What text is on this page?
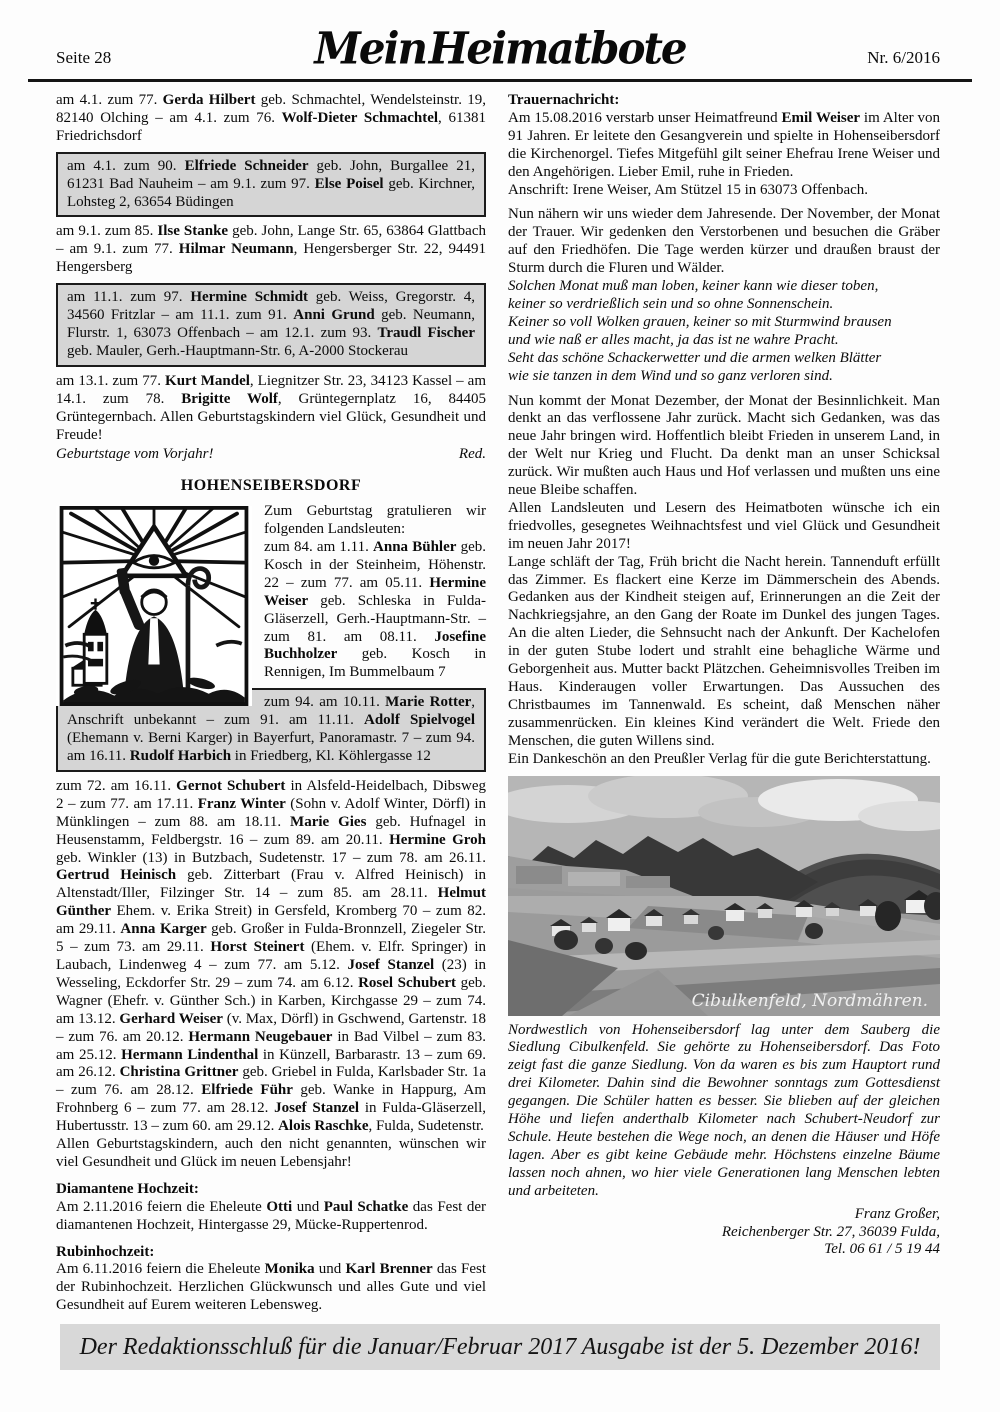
Seite 28	Mein Heimatbote	Nr. 6/2016

am 4.1. zum 77. Gerda Hilbert geb. Schmachtel, Wendelsteinstr. 19, 82140 Olching – am 4.1. zum 76. Wolf-Dieter Schmachtel, 61381 Friedrichsdorf

am 4.1. zum 90. Elfriede Schneider geb. John, Burgallee 21, 61231 Bad Nauheim – am 9.1. zum 97. Else Poisel geb. Kirchner, Lohsteg 2, 63654 Büdingen

am 9.1. zum 85. Ilse Stanke geb. John, Lange Str. 65, 63864 Glattbach – am 9.1. zum 77. Hilmar Neumann, Hengersberger Str. 22, 94491 Hengersberg

am 11.1. zum 97. Hermine Schmidt geb. Weiss, Gregorstr. 4, 34560 Fritzlar – am 11.1. zum 91. Anni Grund geb. Neumann, Flurstr. 1, 63073 Offenbach – am 12.1. zum 93. Traudl Fischer geb. Mauler, Gerh.-Hauptmann-Str. 6, A-2000 Stockerau

am 13.1. zum 77. Kurt Mandel, Liegnitzer Str. 23, 34123 Kassel – am 14.1. zum 78. Brigitte Wolf, Grüntegernplatz 16, 84405 Grüntegernbach. Allen Geburtstagskindern viel Glück, Gesundheit und Freude!

Geburtstage vom Vorjahr!	Red.
HOHENSEIBERSDORF

Zum Geburtstag gratulieren wir folgenden Landsleuten:

zum 84. am 1.11. Anna Bühler geb. Kosch in der Steinheim, Höhenstr. 22 – zum 77. am 05.11. Hermine Weiser geb. Schleska in Fulda-Gläserzell, Gerh.-Hauptmann-Str. – zum 81. am 08.11. Josefine Buchholzer geb. Kosch in Rennigen, Im Bummelbaum 7

zum 94. am 10.11. Marie Rotter, Anschrift unbekannt – zum 91. am 11.11. Adolf Spielvogel (Ehemann v. Berni Karger) in Bayerfurt, Panoramastr. 7 – zum 94. am 16.11. Rudolf Harbich in Friedberg, Kl. Köhlergasse 12

zum 72. am 16.11. Gernot Schubert in Alsfeld-Heidelbach, Dibsweg 2 – zum 77. am 17.11. Franz Winter (Sohn v. Adolf Winter, Dörfl) in Münklingen – zum 88. am 18.11. Marie Gies geb. Hufnagel in Heusenstamm, Feldbergstr. 16 – zum 89. am 20.11. Hermine Groh geb. Winkler (13) in Butzbach, Sudetenstr. 17 – zum 78. am 26.11. Gertrud Heinisch geb. Zitterbart (Frau v. Alfred Heinisch) in Altenstadt/Iller, Filzinger Str. 14 – zum 85. am 28.11. Helmut Günther Ehem. v. Erika Streit) in Gersfeld, Kromberg 70 – zum 82. am 29.11. Anna Karger geb. Großer in Fulda-Bronnzell, Ziegeler Str. 5 – zum 73. am 29.11. Horst Steinert (Ehem. v. Elfr. Springer) in Laubach, Lindenweg 4 – zum 77. am 5.12. Josef Stanzel (23) in Wesseling, Eckdorfer Str. 29 – zum 74. am 6.12. Rosel Schubert geb. Wagner (Ehefr. v. Günther Sch.) in Karben, Kirchgasse 29 – zum 74. am 13.12. Gerhard Weiser (v. Max, Dörfl) in Gschwend, Gartenstr. 18 – zum 76. am 20.12. Hermann Neugebauer in Bad Vilbel – zum 83. am 25.12. Hermann Lindenthal in Künzell, Barbarastr. 13 – zum 69. am 26.12. Christina Grittner geb. Griebel in Fulda, Karlsbader Str. 1a – zum 76. am 28.12. Elfriede Führ geb. Wanke in Happurg, Am Frohnberg 6 – zum 77. am 28.12. Josef Stanzel in Fulda-Gläserzell, Hubertusstr. 13 – zum 60. am 29.12. Alois Raschke, Fulda, Sudetenstr.

Allen Geburtstagskindern, auch den nicht genannten, wünschen wir viel Gesundheit und Glück im neuen Lebensjahr!

Diamantene Hochzeit:

Am 2.11.2016 feiern die Eheleute Otti und Paul Schatke das Fest der diamantenen Hochzeit, Hintergasse 29, Mücke-Ruppertenrod.

Rubinhochzeit:

Am 6.11.2016 feiern die Eheleute Monika und Karl Brenner das Fest der Rubinhochzeit. Herzlichen Glückwunsch und alles Gute und viel Gesundheit auf Eurem weiteren Lebensweg.

Trauernachricht:

Am 15.08.2016 verstarb unser Heimatfreund Emil Weiser im Alter von 91 Jahren. Er leitete den Gesangverein und spielte in Hohenseibersdorf die Kirchenorgel. Tiefes Mitgefühl gilt seiner Ehefrau Irene Weiser und den Angehörigen. Lieber Emil, ruhe in Frieden.

Anschrift: Irene Weiser, Am Stützel 15 in 63073 Offenbach.

Nun nähern wir uns wieder dem Jahresende. Der November, der Monat der Trauer. Wir gedenken den Verstorbenen und besuchen die Gräber auf den Friedhöfen. Die Tage werden kürzer und draußen braust der Sturm durch die Fluren und Wälder.

Solchen Monat muß man loben, keiner kann wie dieser toben,
keiner so verdrießlich sein und so ohne Sonnenschein.
Keiner so voll Wolken grauen, keiner so mit Sturmwind brausen
und wie naß er alles macht, ja das ist ne wahre Pracht.
Seht das schöne Schackerwetter und die armen welken Blätter
wie sie tanzen in dem Wind und so ganz verloren sind.

Nun kommt der Monat Dezember, der Monat der Besinnlichkeit. Man denkt an das verflossene Jahr zurück. Macht sich Gedanken, was das neue Jahr bringen wird. Hoffentlich bleibt Frieden in unserem Land, in der Welt nur Krieg und Flucht. Da denkt man an unser Schicksal zurück. Wir mußten auch Haus und Hof verlassen und mußten uns eine neue Bleibe schaffen.

Allen Landsleuten und Lesern des Heimatboten wünsche ich ein friedvolles, gesegnetes Weihnachtsfest und viel Glück und Gesundheit im neuen Jahr 2017!

Lange schläft der Tag, Früh bricht die Nacht herein. Tannenduft erfüllt das Zimmer. Es flackert eine Kerze im Dämmerschein des Abends. Gedanken aus der Kindheit steigen auf, Erinnerungen an die Zeit der Nachkriegsjahre, an den Gang der Roate im Dunkel des jungen Tages. An die alten Lieder, die Sehnsucht nach der Ankunft. Der Kachelofen in der guten Stube lodert und strahlt eine behagliche Wärme und Geborgenheit aus. Mutter backt Plätzchen. Geheimnisvolles Treiben im Haus. Kinderaugen voller Erwartungen. Das Aussuchen des Christbaumes im Tannenwald. Es scheint, daß Menschen näher zusammenrücken. Ein kleines Kind verändert die Welt. Friede den Menschen, die guten Willens sind.

Ein Dankeschön an den Preußler Verlag für die gute Berichterstattung.

Cibulkenfeld, Nordmähren.

Nordwestlich von Hohenseibersdorf lag unter dem Sauberg die Siedlung Cibulkenfeld. Sie gehörte zu Hohenseibersdorf. Das Foto zeigt fast die ganze Siedlung. Von da waren es bis zum Hauptort rund drei Kilometer. Dahin sind die Bewohner sonntags zum Gottesdienst gegangen. Die Schüler hatten es besser. Sie blieben auf der gleichen Höhe und liefen anderthalb Kilometer nach Schubert-Neudorf zur Schule. Heute bestehen die Wege noch, an denen die Häuser und Höfe lagen. Aber es gibt keine Gebäude mehr. Höchstens einzelne Bäume lassen noch ahnen, wo hier viele Generationen lang Menschen lebten und arbeiteten.

Franz Großer,
Reichenberger Str. 27, 36039 Fulda,
Tel. 06 61 / 5 19 44

Der Redaktionsschluß für die Januar/Februar 2017 Ausgabe ist der 5. Dezember 2016!
